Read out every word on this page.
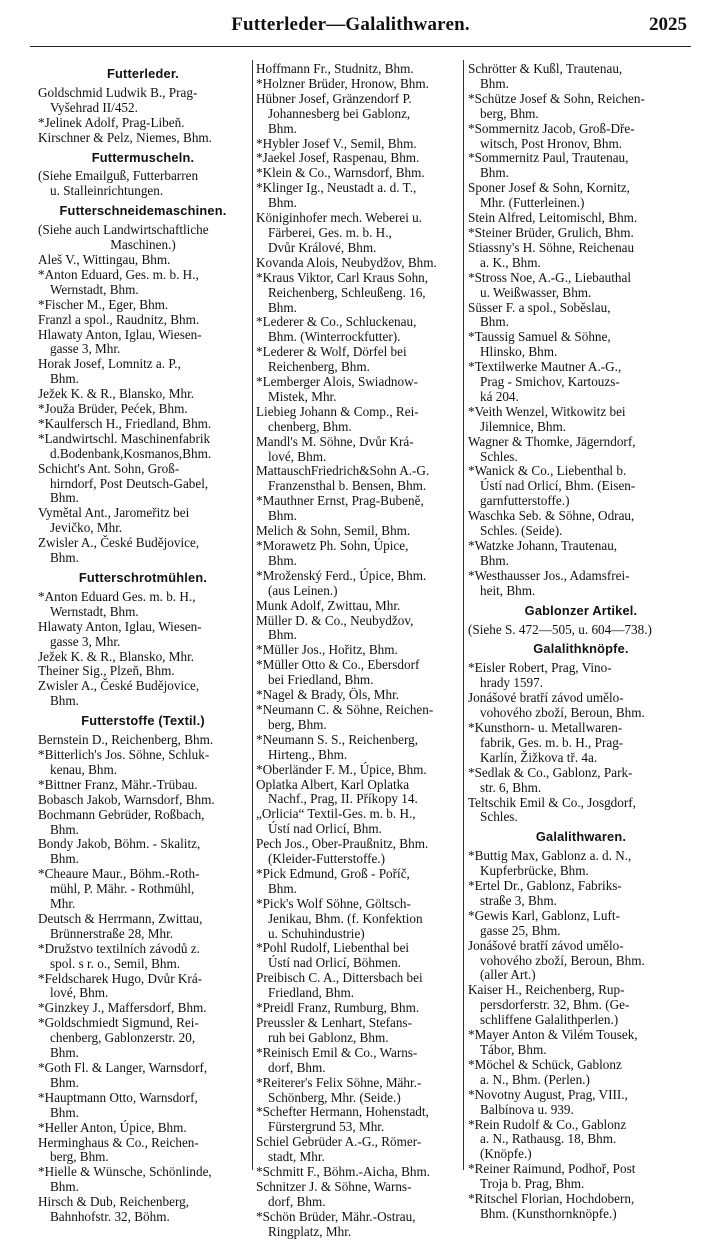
Futterleder—Galalithwaren.	2025
Futterleder.
Goldschmid Ludwik B., Prag-
Vyšehrad II/452.
*Jelinek Adolf, Prag-Libeň.
Kirschner & Pelz, Niemes, Bhm.
Futtermuscheln.
(Siehe Emailguß, Futterbarren
u. Stalleinrichtungen.
Futterschneidemaschinen.
(Siehe auch Landwirtschaftliche
Maschinen.)
Aleš V., Wittingau, Bhm.
*Anton Eduard, Ges. m. b. H.,
Wernstadt, Bhm.
*Fischer M., Eger, Bhm.
Franzl a spol., Raudnitz, Bhm.
Hlawaty Anton, Iglau, Wiesen-
gasse 3, Mhr.
Horak Josef, Lomnitz a. P.,
Bhm.
Ježek K. & R., Blansko, Mhr.
*Jouža Brüder, Pećek, Bhm.
*Kaulfersch H., Friedland, Bhm.
*Landwirtschl. Maschinenfabrik
d.Bodenbank,Kosmanos,Bhm.
Schicht's Ant. Sohn, Groß-
hirndorf, Post Deutsch-Gabel,
Bhm.
Vymětal Ant., Jaromeřitz bei
Jevičko, Mhr.
Zwisler A., České Budějovice,
Bhm.
Futterschrotmühlen.
*Anton Eduard Ges. m. b. H.,
Wernstadt, Bhm.
Hlawaty Anton, Iglau, Wiesen-
gasse 3, Mhr.
Ježek K. & R., Blansko, Mhr.
Theiner Sig., Plzeň, Bhm.
Zwisler A., České Budějovice,
Bhm.
Futterstoffe (Textil.)
Bernstein D., Reichenberg, Bhm.
*Bitterlich's Jos. Söhne, Schluk-
kenau, Bhm.
*Bittner Franz, Mähr.-Trübau.
Bobasch Jakob, Warnsdorf, Bhm.
Bochmann Gebrüder, Roßbach,
Bhm.
Bondy Jakob, Böhm. - Skalitz,
Bhm.
*Cheaure Maur., Böhm.-Roth-
mühl, P. Mähr. - Rothmühl,
Mhr.
Deutsch & Herrmann, Zwittau,
Brünnerstraße 28, Mhr.
*Družstvo textilních závodů z.
spol. s r. o., Semil, Bhm.
*Feldscharek Hugo, Dvůr Krá-
lové, Bhm.
*Ginzkey J., Maffersdorf, Bhm.
*Goldschmiedt Sigmund, Rei-
chenberg, Gablonzerstr. 20,
Bhm.
*Goth Fl. & Langer, Warnsdorf,
Bhm.
*Hauptmann Otto, Warnsdorf,
Bhm.
*Heller Anton, Úpice, Bhm.
Herminghaus & Co., Reichen-
berg, Bhm.
*Hielle & Wünsche, Schönlinde,
Bhm.
Hirsch & Dub, Reichenberg,
Bahnhofstr. 32, Böhm.
Hoffmann Fr., Studnitz, Bhm.
*Holzner Brüder, Hronow, Bhm.
Hübner Josef, Gränzendorf P.
Johannesberg bei Gablonz,
Bhm.
*Hybler Josef V., Semil, Bhm.
*Jaekel Josef, Raspenau, Bhm.
*Klein & Co., Warnsdorf, Bhm.
*Klinger Ig., Neustadt a. d. T.,
Bhm.
Königinhofer mech. Weberei u.
Färberei, Ges. m. b. H.,
Dvůr Králové, Bhm.
Kovanda Alois, Neubydžov, Bhm.
*Kraus Viktor, Carl Kraus Sohn,
Reichenberg, Schleußeng. 16,
Bhm.
*Lederer & Co., Schluckenau,
Bhm. (Winterrockfutter).
*Lederer & Wolf, Dörfel bei
Reichenberg, Bhm.
*Lemberger Alois, Swiadnow-
Mistek, Mhr.
Liebieg Johann & Comp., Rei-
chenberg, Bhm.
Mandl's M. Söhne, Dvůr Krá-
lové, Bhm.
MattauschFriedrich&Sohn A.-G.
Franzensthal b. Bensen, Bhm.
*Mauthner Ernst, Prag-Bubeně,
Bhm.
Melich & Sohn, Semil, Bhm.
*Morawetz Ph. Sohn, Úpice,
Bhm.
*Mroženský Ferd., Úpice, Bhm.
(aus Leinen.)
Munk Adolf, Zwittau, Mhr.
Müller D. & Co., Neubydžov,
Bhm.
*Müller Jos., Hořitz, Bhm.
*Müller Otto & Co., Ebersdorf
bei Friedland, Bhm.
*Nagel & Brady, Öls, Mhr.
*Neumann C. & Söhne, Reichen-
berg, Bhm.
*Neumann S. S., Reichenberg,
Hirteng., Bhm.
*Oberländer F. M., Úpice, Bhm.
Oplatka Albert, Karl Oplatka
Nachf., Prag, II. Příkopy 14.
„Orlicia“ Textil-Ges. m. b. H.,
Ústí nad Orlicí, Bhm.
Pech Jos., Ober-Praußnitz, Bhm.
(Kleider-Futterstoffe.)
*Pick Edmund, Groß - Poříč,
Bhm.
*Pick's Wolf Söhne, Göltsch-
Jenikau, Bhm. (f. Konfektion
u. Schuhindustrie)
*Pohl Rudolf, Liebenthal bei
Ústí nad Orlicí, Böhmen.
Preibisch C. A., Dittersbach bei
Friedland, Bhm.
*Preidl Franz, Rumburg, Bhm.
Preussler & Lenhart, Stefans-
ruh bei Gablonz, Bhm.
*Reinisch Emil & Co., Warns-
dorf, Bhm.
*Reiterer's Felix Söhne, Mähr.-
Schönberg, Mhr. (Seide.)
*Schefter Hermann, Hohenstadt,
Fürstergrund 53, Mhr.
Schiel Gebrüder A.-G., Römer-
stadt, Mhr.
*Schmitt F., Böhm.-Aicha, Bhm.
Schnitzer J. & Söhne, Warns-
dorf, Bhm.
*Schön Brüder, Mähr.-Ostrau,
Ringplatz, Mhr.
Schrötter & Kußl, Trautenau,
Bhm.
*Schütze Josef & Sohn, Reichen-
berg, Bhm.
*Sommernitz Jacob, Groß-Dře-
witsch, Post Hronov, Bhm.
*Sommernitz Paul, Trautenau,
Bhm.
Sponer Josef & Sohn, Kornitz,
Mhr. (Futterleinen.)
Stein Alfred, Leitomischl, Bhm.
*Steiner Brüder, Grulich, Bhm.
Stiassny's H. Söhne, Reichenau
a. K., Bhm.
*Stross Noe, A.-G., Liebauthal
u. Weißwasser, Bhm.
Süsser F. a spol., Soběslau,
Bhm.
*Taussig Samuel & Söhne,
Hlinsko, Bhm.
*Textilwerke Mautner A.-G.,
Prag - Smichov, Kartouzs-
ká 204.
*Veith Wenzel, Witkowitz bei
Jilemnice, Bhm.
Wagner & Thomke, Jägerndorf,
Schles.
*Wanick & Co., Liebenthal b.
Ústí nad Orlicí, Bhm. (Eisen-
garnfutterstoffe.)
Waschka Seb. & Söhne, Odrau,
Schles. (Seide).
*Watzke Johann, Trautenau,
Bhm.
*Westhausser Jos., Adamsfrei-
heit, Bhm.
Gablonzer Artikel.
(Siehe S. 472—505, u. 604—738.)
Galalithknöpfe.
*Eisler Robert, Prag, Vino-
hrady 1597.
Jonášové bratří závod umělo-
vohového zboží, Beroun, Bhm.
*Kunsthorn- u. Metallwaren-
fabrik, Ges. m. b. H., Prag-
Karlín, Žižkova tř. 4a.
*Sedlak & Co., Gablonz, Park-
str. 6, Bhm.
Teltschik Emil & Co., Josgdorf,
Schles.
Galalithwaren.
*Buttig Max, Gablonz a. d. N.,
Kupferbrücke, Bhm.
*Ertel Dr., Gablonz, Fabriks-
straße 3, Bhm.
*Gewis Karl, Gablonz, Luft-
gasse 25, Bhm.
Jonášové bratří závod umělo-
vohového zboží, Beroun, Bhm.
(aller Art.)
Kaiser H., Reichenberg, Rup-
persdorferstr. 32, Bhm. (Ge-
schliffene Galalithperlen.)
*Mayer Anton & Vilém Tousek,
Tábor, Bhm.
*Möchel & Schück, Gablonz
a. N., Bhm. (Perlen.)
*Novotny August, Prag, VIII.,
Balbínova u. 939.
*Rein Rudolf & Co., Gablonz
a. N., Rathausg. 18, Bhm.
(Knöpfe.)
*Reiner Raimund, Podhoř, Post
Troja b. Prag, Bhm.
*Ritschel Florian, Hochdobern,
Bhm. (Kunsthornknöpfe.)
